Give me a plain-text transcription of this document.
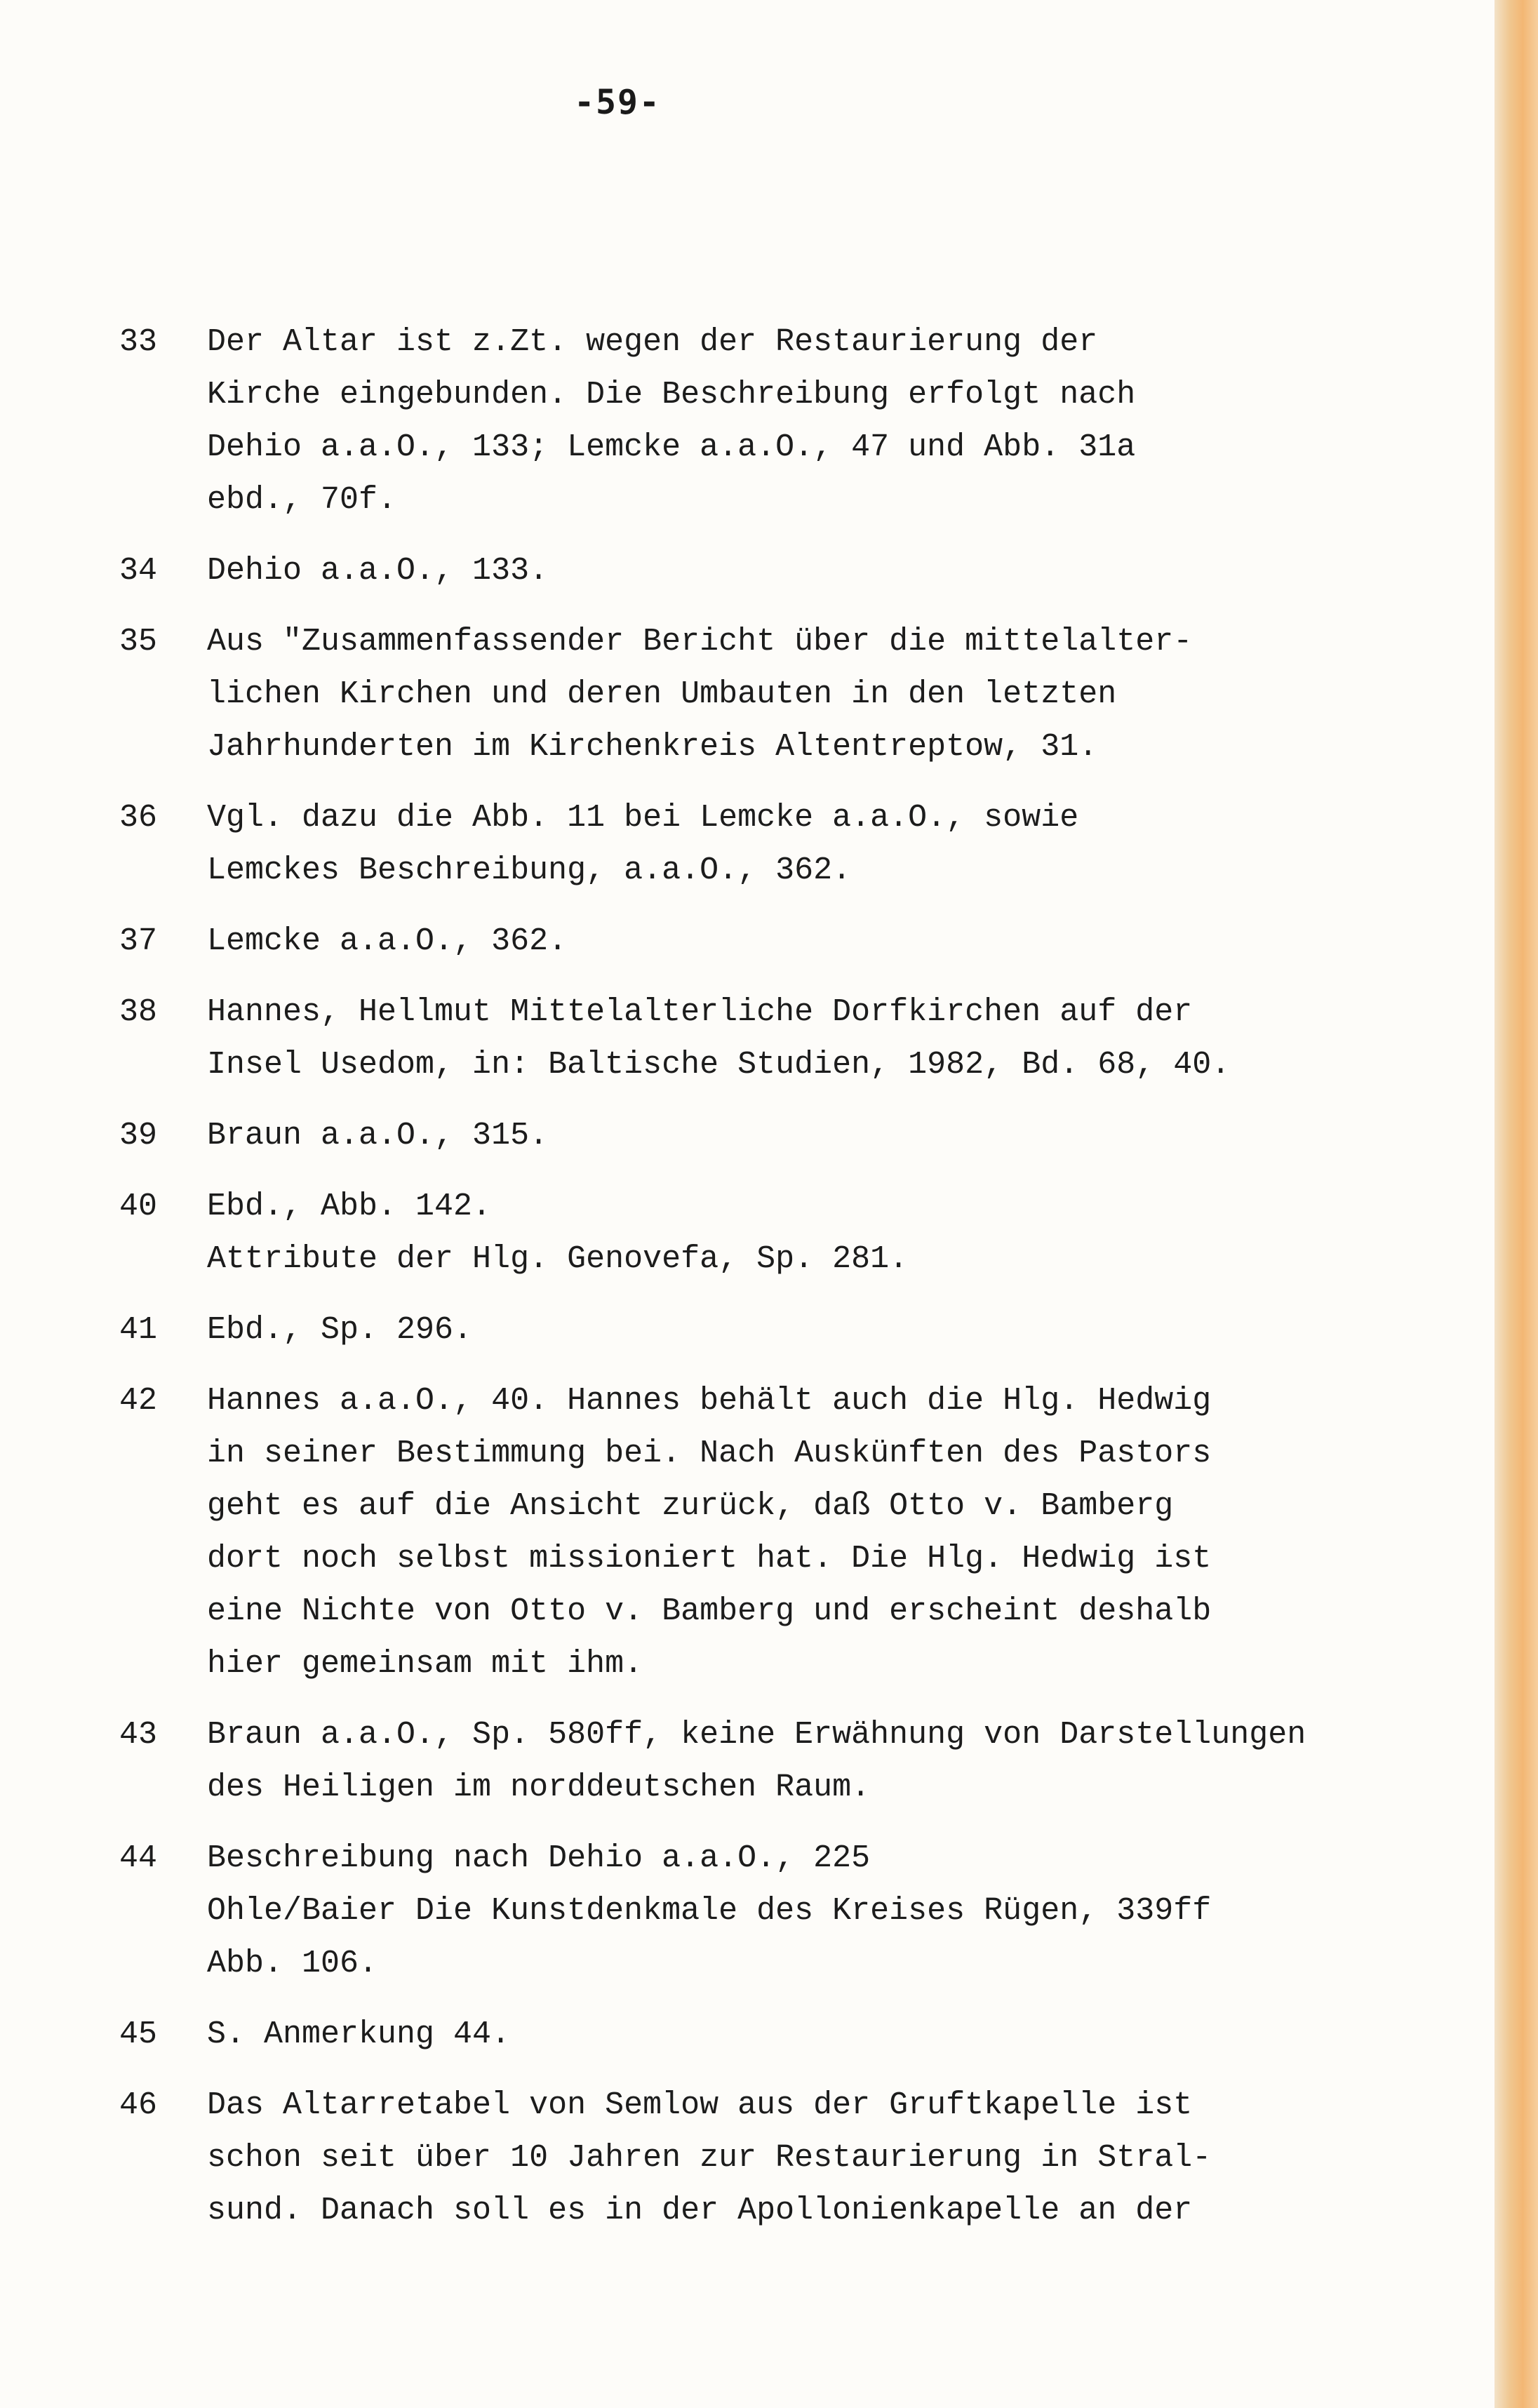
-59-
33	Der Altar ist z.Zt. wegen der Restaurierung der
Kirche eingebunden. Die Beschreibung erfolgt nach
Dehio a.a.O., 133; Lemcke a.a.O., 47 und Abb. 31a
ebd., 70f.
34	Dehio a.a.O., 133.
35	Aus "Zusammenfassender Bericht über die mittelalter-
lichen Kirchen und deren Umbauten in den letzten
Jahrhunderten im Kirchenkreis Altentreptow, 31.
36	Vgl. dazu die Abb. 11 bei Lemcke a.a.O., sowie
Lemckes Beschreibung, a.a.O., 362.
37	Lemcke a.a.O., 362.
38	Hannes, Hellmut Mittelalterliche Dorfkirchen auf der
Insel Usedom, in: Baltische Studien, 1982, Bd. 68, 40.
39	Braun a.a.O., 315.
40	Ebd., Abb. 142.
Attribute der Hlg. Genovefa, Sp. 281.
41	Ebd., Sp. 296.
42	Hannes a.a.O., 40. Hannes behält auch die Hlg. Hedwig
in seiner Bestimmung bei. Nach Auskünften des Pastors
geht es auf die Ansicht zurück, daß Otto v. Bamberg
dort noch selbst missioniert hat. Die Hlg. Hedwig ist
eine Nichte von Otto v. Bamberg und erscheint deshalb
hier gemeinsam mit ihm.
43	Braun a.a.O., Sp. 580ff, keine Erwähnung von Darstellungen
des Heiligen im norddeutschen Raum.
44	Beschreibung nach Dehio a.a.O., 225
Ohle/Baier Die Kunstdenkmale des Kreises Rügen, 339ff
Abb. 106.
45	S. Anmerkung 44.
46	Das Altarretabel von Semlow aus der Gruftkapelle ist
schon seit über 10 Jahren zur Restaurierung in Stral-
sund. Danach soll es in der Apollonienkapelle an der
